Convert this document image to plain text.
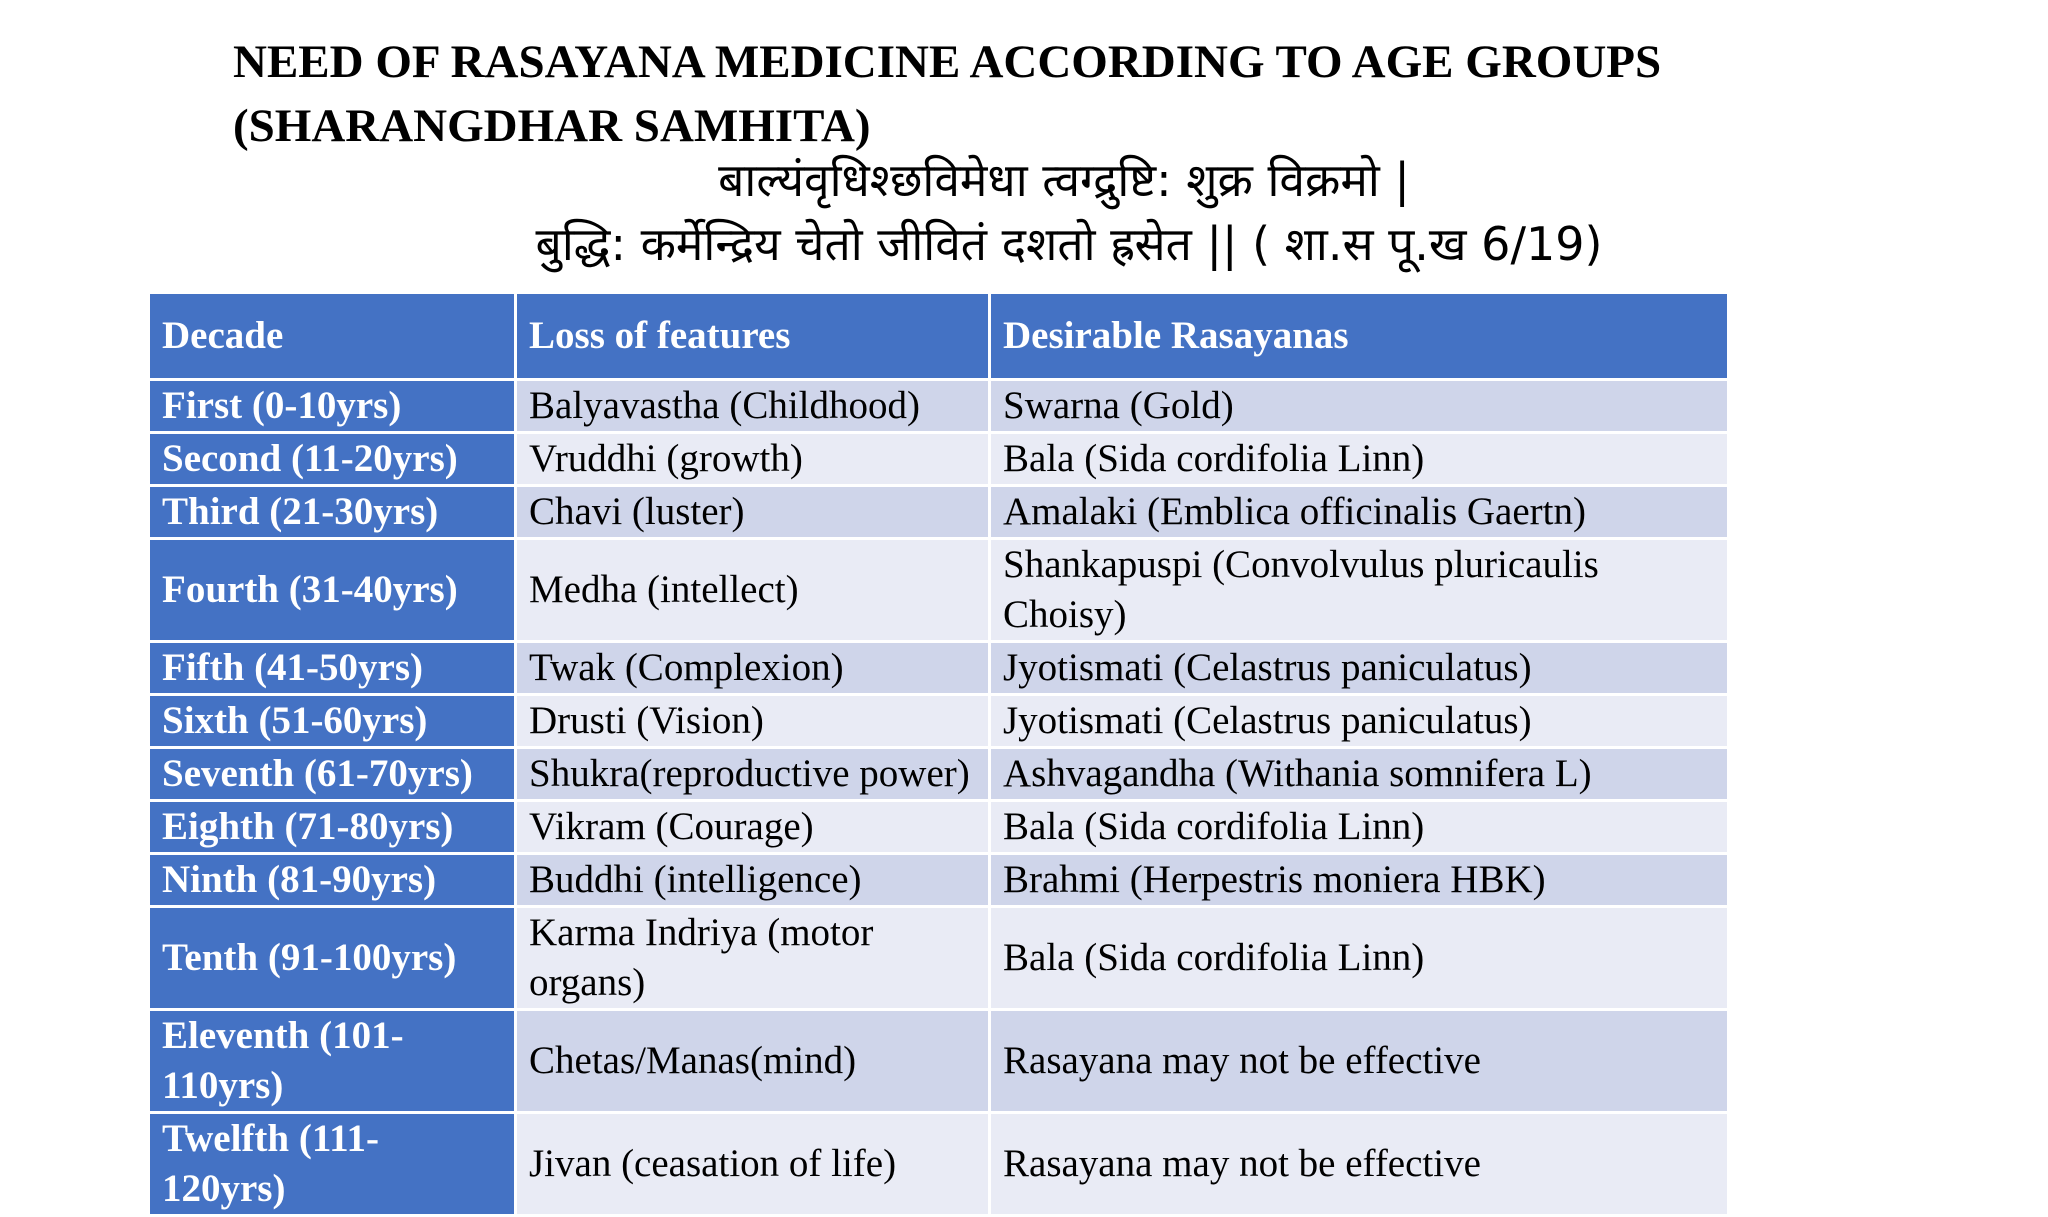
NEED OF RASAYANA MEDICINE ACCORDING TO AGE GROUPS
(SHARANGDHAR SAMHITA)
बाल्यंवृधिश्छविमेधा त्वग्द्रुष्टि: शुक्र विक्रमो |
बुद्धि: कर्मेन्द्रिय चेतो जीवितं दशतो ह्रसेत || ( शा.स पू.ख 6/19)
Decade	Loss of features	Desirable Rasayanas
First (0-10yrs)	Balyavastha (Childhood)	Swarna (Gold)
Second (11-20yrs)	Vruddhi (growth)	Bala (Sida cordifolia Linn)
Third (21-30yrs)	Chavi (luster)	Amalaki (Emblica officinalis Gaertn)
Fourth (31-40yrs)	Medha (intellect)	Shankapuspi (Convolvulus pluricaulis Choisy)
Fifth (41-50yrs)	Twak (Complexion)	Jyotismati (Celastrus paniculatus)
Sixth (51-60yrs)	Drusti (Vision)	Jyotismati (Celastrus paniculatus)
Seventh (61-70yrs)	Shukra(reproductive power)	Ashvagandha (Withania somnifera L)
Eighth (71-80yrs)	Vikram (Courage)	Bala (Sida cordifolia Linn)
Ninth (81-90yrs)	Buddhi (intelligence)	Brahmi (Herpestris moniera HBK)
Tenth (91-100yrs)	Karma Indriya (motor organs)	Bala (Sida cordifolia Linn)
Eleventh (101-110yrs)	Chetas/Manas(mind)	Rasayana may not be effective
Twelfth (111-120yrs)	Jivan (ceasation of life)	Rasayana may not be effective
